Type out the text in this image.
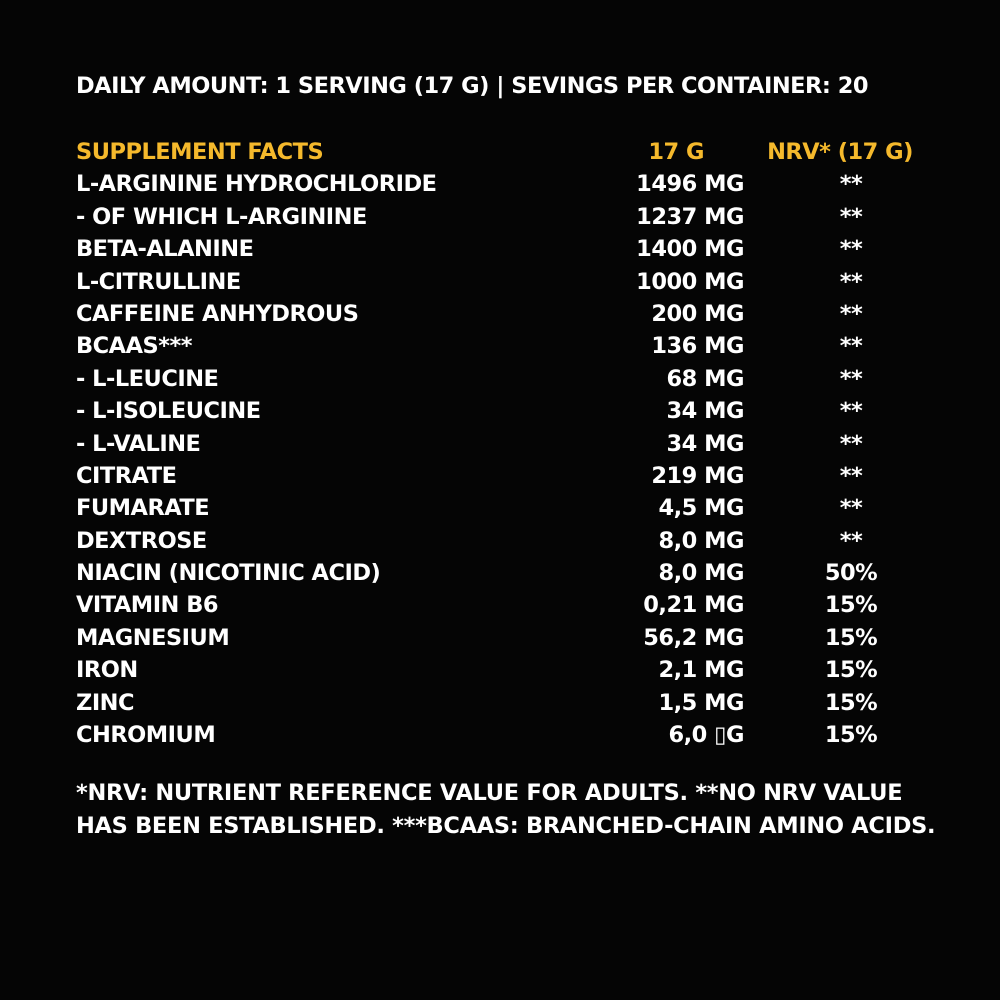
DAILY AMOUNT: 1 SERVING (17 G) | SEVINGS PER CONTAINER: 20
SUPPLEMENT FACTS	17 G	NRV* (17 G)
L-ARGININE HYDROCHLORIDE	1496 MG	**
- OF WHICH L-ARGININE	1237 MG	**
BETA-ALANINE	1400 MG	**
L-CITRULLINE	1000 MG	**
CAFFEINE ANHYDROUS	200 MG	**
BCAAS***	136 MG	**
- L-LEUCINE	68 MG	**
- L-ISOLEUCINE	34 MG	**
- L-VALINE	34 MG	**
CITRATE	219 MG	**
FUMARATE	4,5 MG	**
DEXTROSE	8,0 MG	**
NIACIN (NICOTINIC ACID)	8,0 MG	50%
VITAMIN B6	0,21 MG	15%
MAGNESIUM	56,2 MG	15%
IRON	2,1 MG	15%
ZINC	1,5 MG	15%
CHROMIUM	6,0 ▯G	15%
*NRV: NUTRIENT REFERENCE VALUE FOR ADULTS. **NO NRV VALUE HAS BEEN ESTABLISHED. ***BCAAS: BRANCHED-CHAIN AMINO ACIDS.
